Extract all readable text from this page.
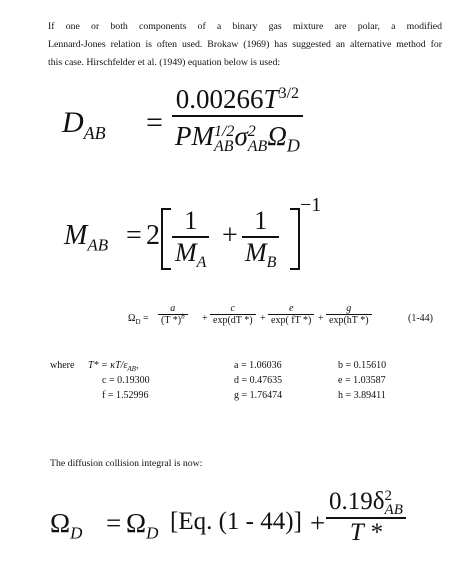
If one or both components of a binary gas mixture are polar, a modified
Lennard-Jones relation is often used. Brokaw (1969) has suggested an alternative method for
this case. Hirschfelder et al. (1949) equation below is used:
$D_{AB}$ =
$0.00266T^{3/2}$
PM 1/2
AB σ 2
AB $\Omega_D$
$M_{AB} = 2$ 1
$M_A$
+ 1
$M_B$
−1
$\Omega_D$ =
a
(T *)$^b$	+
c
exp(dT *) +
e
exp( fT *) +
g
exp(hT *)	(1-44)
where $T* = \kappa T/\varepsilon_{AB}$,
c = 0.19300
f = 1.52996
a = 1.06036
d = 0.47635
g = 1.76474
b = 0.15610
e = 1.03587
h = 3.89411
The diffusion collision integral is now:
$\Omega_D = \Omega_D$ [Eq. (1 - 44)] +
0.19δ 2
AB
T *
